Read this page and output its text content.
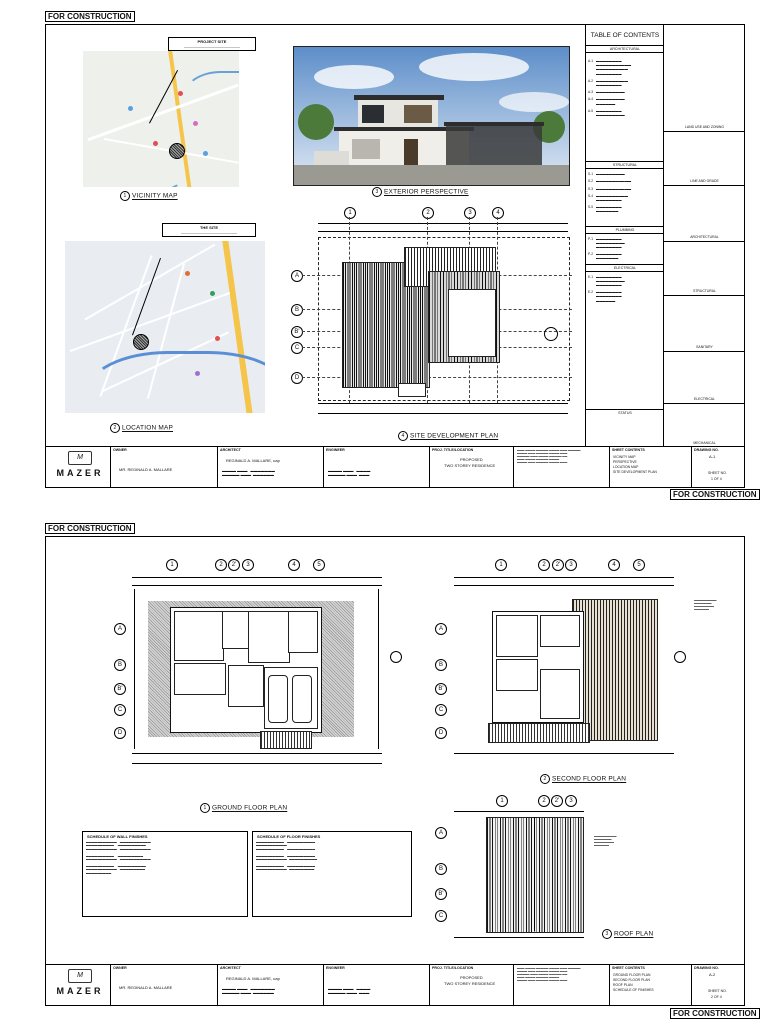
FOR CONSTRUCTION
PROJECT SITE
——————————————
1 VICINITY MAP
THE SITE
——————————————
2 LOCATION MAP
3 EXTERIOR PERSPECTIVE
1	2	3	4
A
B
B'
C
D
4 SITE DEVELOPMENT PLAN
TABLE OF CONTENTS
ARCHITECTURAL
A-1 ▬▬▬▬▬▬▬▬
▬▬▬▬▬▬▬▬▬▬▬
▬▬▬▬▬▬▬▬▬▬
▬▬▬▬▬▬▬▬
A-2 ▬▬▬▬▬▬▬▬▬▬
▬▬▬▬▬▬▬▬
A-3 ▬▬▬▬▬▬▬▬▬
A-4 ▬▬▬▬▬▬▬▬▬
▬▬▬▬▬▬
A-5 ▬▬▬▬▬▬▬▬
▬▬▬▬▬▬▬▬▬
STRUCTURAL
S-1 ▬▬▬▬▬▬▬▬▬
S-2 ▬▬▬▬▬▬▬▬▬▬▬
S-3 ▬▬▬▬▬▬▬▬▬▬▬
S-4 ▬▬▬▬▬▬▬▬▬▬
▬▬▬▬▬▬▬▬
S-5 ▬▬▬▬▬▬▬▬
▬▬▬▬▬▬▬
PLUMBING
P-1 ▬▬▬▬▬▬▬▬
▬▬▬▬▬▬▬▬▬
▬▬▬▬▬▬▬▬
P-2 ▬▬▬▬▬▬▬▬
▬▬▬▬▬▬▬
ELECTRICAL
E-1 ▬▬▬▬▬▬▬▬
▬▬▬▬▬▬▬▬▬
▬▬▬▬▬▬▬▬
E-2 ▬▬▬▬▬▬▬▬
▬▬▬▬▬▬▬▬
▬▬▬▬▬▬
STATUS
LAND USE AND ZONING
LINE AND GRADE
ARCHITECTURAL
STRUCTURAL
SANITARY
ELECTRICAL
MECHANICAL
M
MAZER
OWNER
MR. REGINALD A. MALLARE
ARCHITECT
REGINALD A. MALLARE, uap
▬▬▬▬ ▬▬▬   ▬▬▬▬▬▬▬
▬▬▬▬▬ ▬▬▬  ▬▬▬▬▬▬
ENGINEER
▬▬▬▬ ▬▬▬   ▬▬▬▬
▬▬▬▬▬ ▬▬▬  ▬▬▬
PROJ. TITLE/LOCATION
PROPOSED
TWO STOREY RESIDENCE
▬▬▬ ▬▬▬▬ ▬▬▬▬▬ ▬▬▬▬ ▬▬▬ ▬▬▬▬▬
▬▬▬▬ ▬▬▬ ▬▬▬▬▬ ▬▬▬▬ ▬▬▬
▬▬▬▬▬ ▬▬▬ ▬▬▬▬ ▬▬▬▬▬ ▬▬
▬▬▬ ▬▬▬▬ ▬▬▬▬▬ ▬▬▬▬
▬▬▬▬ ▬▬▬ ▬▬▬▬▬ ▬▬▬▬ ▬▬▬
SHEET CONTENTS
VICINITY MAP
PERSPECTIVE
LOCATION MAP
SITE DEVELOPMENT PLAN
DRAWING NO.
A-1
SHEET NO.
1 OF 4
FOR CONSTRUCTION
FOR CONSTRUCTION
1	2	2'	3	4	5
A
B
B'
C
D
1 GROUND FLOOR PLAN
1	2	2'	3	4	5
A
B
B'
C
D
▬▬▬▬▬▬▬▬▬
▬▬▬▬▬▬▬
▬▬▬▬▬▬▬▬
▬▬▬▬▬▬
2 SECOND FLOOR PLAN
1	2	2'	3
A
B
B'
C
▬▬▬▬▬▬▬▬▬
▬▬▬▬▬▬▬
▬▬▬▬▬▬▬▬
▬▬▬▬▬▬
3 ROOF PLAN
SCHEDULE OF WALL FINISHES
▬▬▬▬▬▬▬▬▬▬▬    ▬▬▬▬▬▬▬▬▬▬▬
▬▬▬▬▬▬▬▬▬▬     ▬▬▬▬▬▬▬▬▬▬
▬▬▬▬▬▬▬▬▬▬▬    ▬▬▬▬▬▬▬▬▬▬▬

▬▬▬▬▬▬▬▬▬▬     ▬▬▬▬▬▬▬▬▬
▬▬▬▬▬▬▬▬▬▬▬    ▬▬▬▬▬▬▬▬▬▬▬

▬▬▬▬▬▬▬▬▬▬     ▬▬▬▬▬▬▬▬▬▬
▬▬▬▬▬▬▬▬▬▬▬    ▬▬▬▬▬▬▬▬▬
▬▬▬▬▬▬▬▬▬
SCHEDULE OF FLOOR FINISHES
▬▬▬▬▬▬▬▬▬▬    ▬▬▬▬▬▬▬▬▬▬
▬▬▬▬▬▬▬▬▬▬▬
▬▬▬▬▬▬▬▬▬▬    ▬▬▬▬▬▬▬▬▬▬

▬▬▬▬▬▬▬▬▬▬    ▬▬▬▬▬▬▬▬▬▬
▬▬▬▬▬▬▬▬▬▬▬   ▬▬▬▬▬▬▬▬▬▬

▬▬▬▬▬▬▬▬▬▬    ▬▬▬▬▬▬▬▬▬▬
▬▬▬▬▬▬▬▬▬▬▬   ▬▬▬▬▬▬▬▬▬
M
MAZER
OWNER
MR. REGINALD A. MALLARE
ARCHITECT
REGINALD A. MALLARE, uap
▬▬▬▬ ▬▬▬   ▬▬▬▬▬▬▬
▬▬▬▬▬ ▬▬▬  ▬▬▬▬▬▬
ENGINEER
▬▬▬▬ ▬▬▬   ▬▬▬▬
▬▬▬▬▬ ▬▬▬  ▬▬▬
PROJ. TITLE/LOCATION
PROPOSED
TWO STOREY RESIDENCE
▬▬▬ ▬▬▬▬ ▬▬▬▬▬ ▬▬▬▬ ▬▬▬ ▬▬▬▬▬
▬▬▬▬ ▬▬▬ ▬▬▬▬▬ ▬▬▬▬ ▬▬▬
▬▬▬▬▬ ▬▬▬ ▬▬▬▬ ▬▬▬▬▬ ▬▬
▬▬▬ ▬▬▬▬ ▬▬▬▬▬ ▬▬▬▬
▬▬▬▬ ▬▬▬ ▬▬▬▬▬ ▬▬▬▬ ▬▬▬
SHEET CONTENTS
GROUND FLOOR PLAN
SECOND FLOOR PLAN
ROOF PLAN
SCHEDULE OF FINISHES
DRAWING NO.
A-2
SHEET NO.
2 OF 4
FOR CONSTRUCTION
